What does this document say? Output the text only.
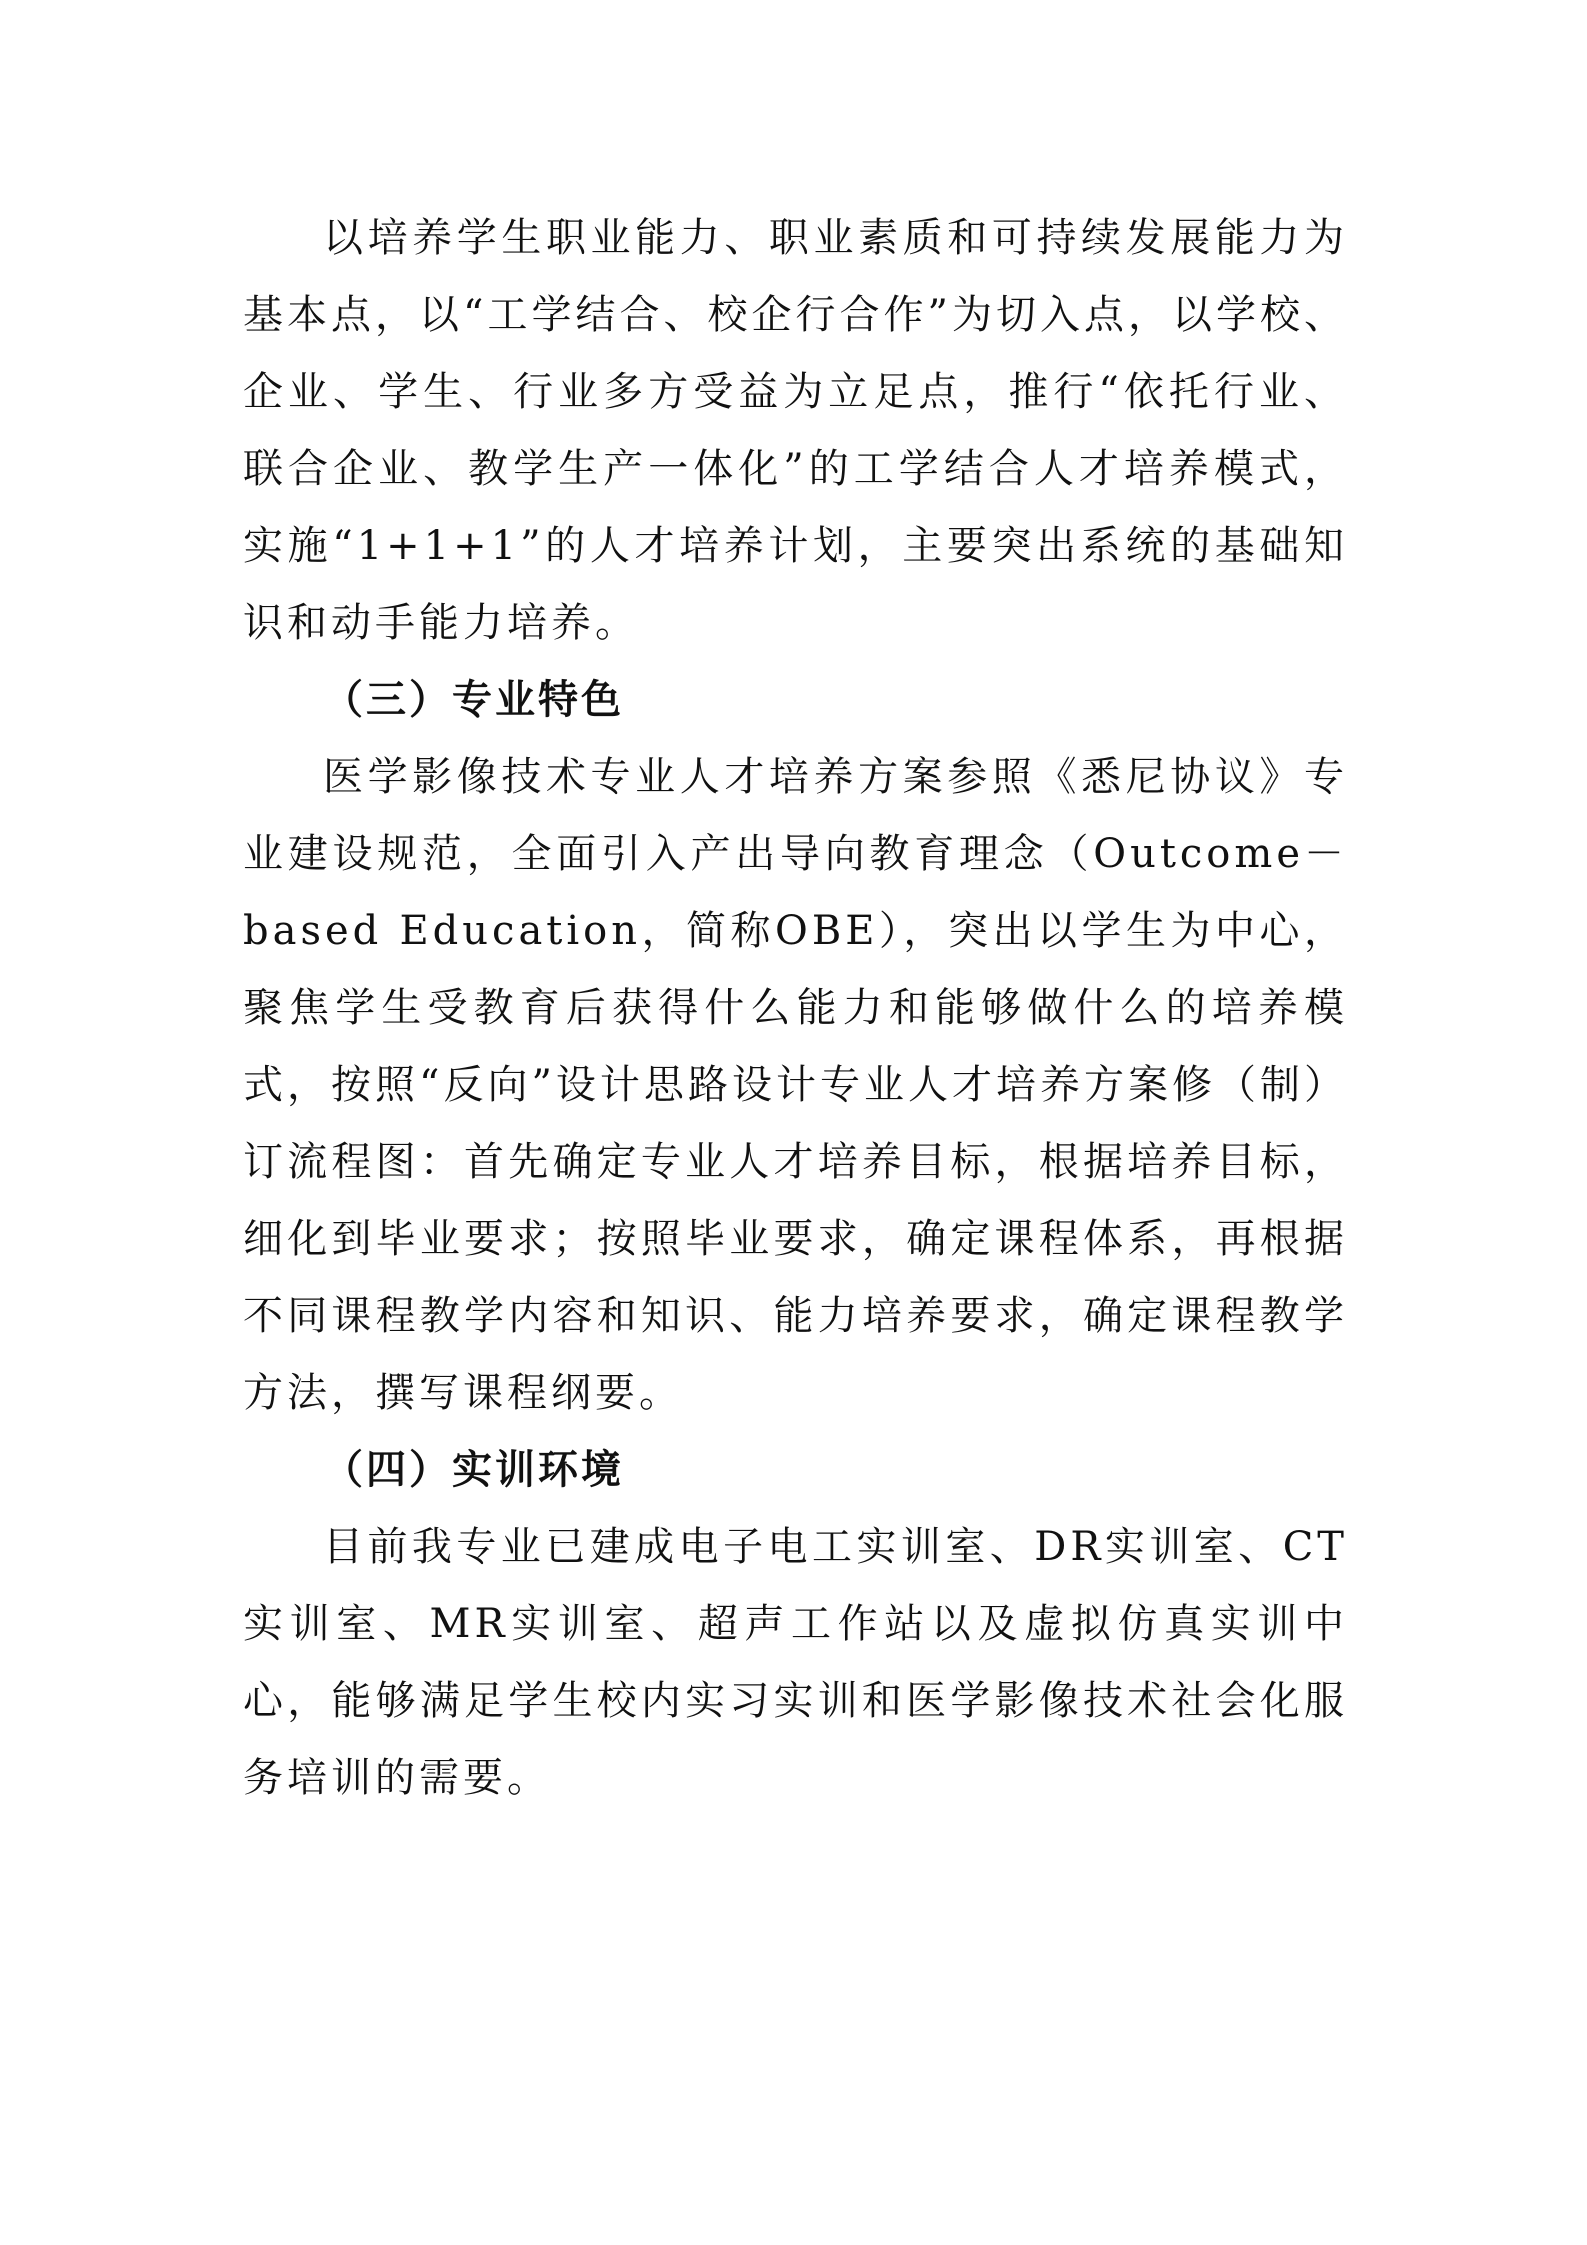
以培养学生职业能力、职业素质和可持续发展能力为基本点，以“工学结合、校企行合作”为切入点，以学校、企业、学生、行业多方受益为立足点，推行“依托行业、联合企业、教学生产一体化”的工学结合人才培养模式，实施“1+1+1”的人才培养计划，主要突出系统的基础知识和动手能力培养。

（三）专业特色

医学影像技术专业人才培养方案参照《悉尼协议》专业建设规范，全面引入产出导向教育理念（Outcome－based Education，简称OBE），突出以学生为中心，聚焦学生受教育后获得什么能力和能够做什么的培养模式，按照“反向”设计思路设计专业人才培养方案修（制）订流程图：首先确定专业人才培养目标，根据培养目标，细化到毕业要求；按照毕业要求，确定课程体系，再根据不同课程教学内容和知识、能力培养要求，确定课程教学方法，撰写课程纲要。

（四）实训环境

目前我专业已建成电子电工实训室、DR实训室、CT实训室、MR实训室、超声工作站以及虚拟仿真实训中心，能够满足学生校内实习实训和医学影像技术社会化服务培训的需要。
